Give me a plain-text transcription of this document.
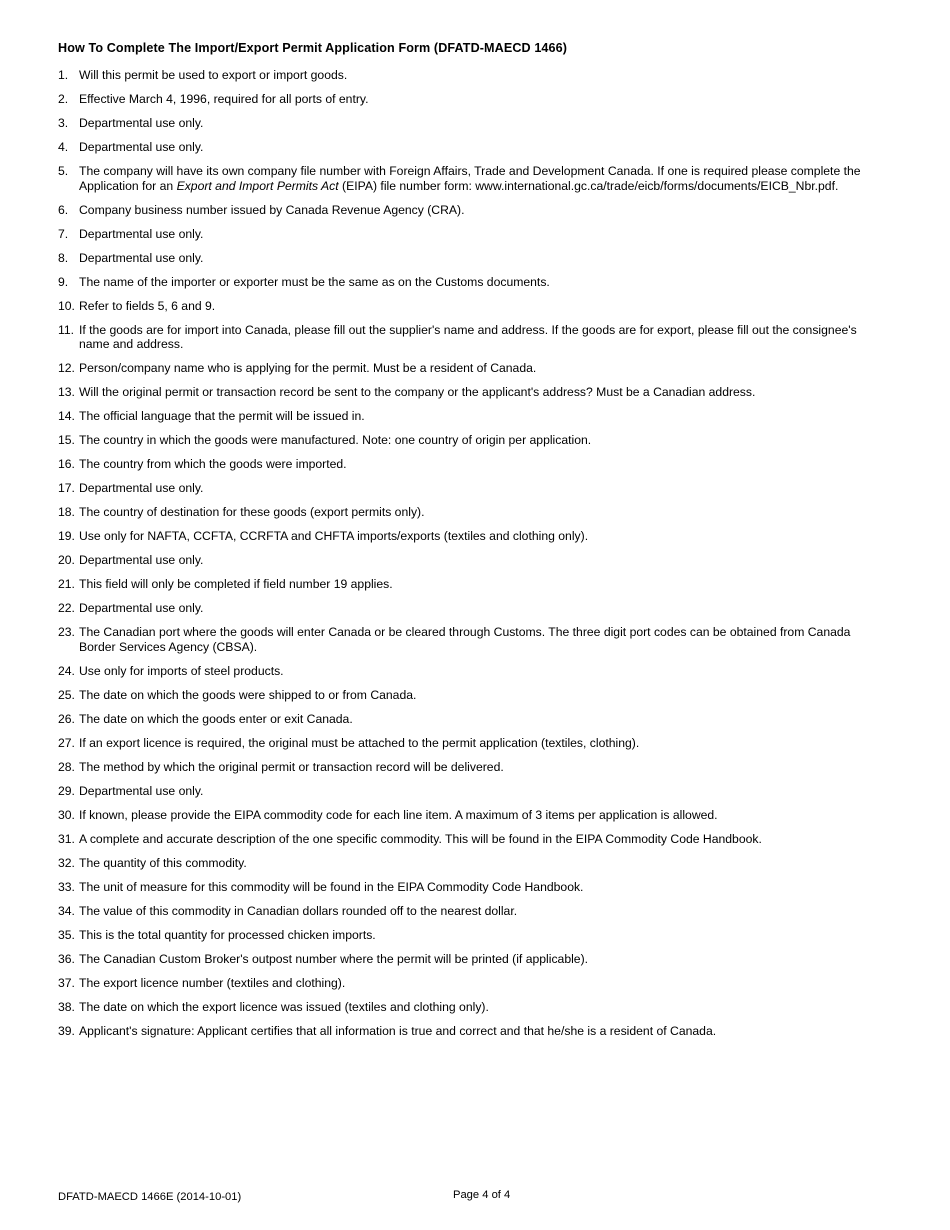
How To Complete The Import/Export Permit Application Form (DFATD-MAECD 1466)
1. Will this permit be used to export or import goods.
2. Effective March 4, 1996, required for all ports of entry.
3. Departmental use only.
4. Departmental use only.
5. The company will have its own company file number with Foreign Affairs, Trade and Development Canada. If one is required please complete the Application for an Export and Import Permits Act (EIPA) file number form: www.international.gc.ca/trade/eicb/forms/documents/EICB_Nbr.pdf.
6. Company business number issued by Canada Revenue Agency (CRA).
7. Departmental use only.
8. Departmental use only.
9. The name of the importer or exporter must be the same as on the Customs documents.
10. Refer to fields 5, 6 and 9.
11. If the goods are for import into Canada, please fill out the supplier's name and address. If the goods are for export, please fill out the consignee's name and address.
12. Person/company name who is applying for the permit. Must be a resident of Canada.
13. Will the original permit or transaction record be sent to the company or the applicant's address? Must be a Canadian address.
14. The official language that the permit will be issued in.
15. The country in which the goods were manufactured. Note: one country of origin per application.
16. The country from which the goods were imported.
17. Departmental use only.
18. The country of destination for these goods (export permits only).
19. Use only for NAFTA, CCFTA, CCRFTA and CHFTA imports/exports (textiles and clothing only).
20. Departmental use only.
21. This field will only be completed if field number 19 applies.
22. Departmental use only.
23. The Canadian port where the goods will enter Canada or be cleared through Customs. The three digit port codes can be obtained from Canada Border Services Agency (CBSA).
24. Use only for imports of steel products.
25. The date on which the goods were shipped to or from Canada.
26. The date on which the goods enter or exit Canada.
27. If an export licence is required, the original must be attached to the permit application (textiles, clothing).
28. The method by which the original permit or transaction record will be delivered.
29. Departmental use only.
30. If known, please provide the EIPA commodity code for each line item. A maximum of 3 items per application is allowed.
31. A complete and accurate description of the one specific commodity. This will be found in the EIPA Commodity Code Handbook.
32. The quantity of this commodity.
33. The unit of measure for this commodity will be found in the EIPA Commodity Code Handbook.
34. The value of this commodity in Canadian dollars rounded off to the nearest dollar.
35. This is the total quantity for processed chicken imports.
36. The Canadian Custom Broker's outpost number where the permit will be printed (if applicable).
37. The export licence number (textiles and clothing).
38. The date on which the export licence was issued (textiles and clothing only).
39. Applicant's signature: Applicant certifies that all information is true and correct and that he/she is a resident of Canada.
DFATD-MAECD 1466E (2014-10-01)	Page 4 of 4
